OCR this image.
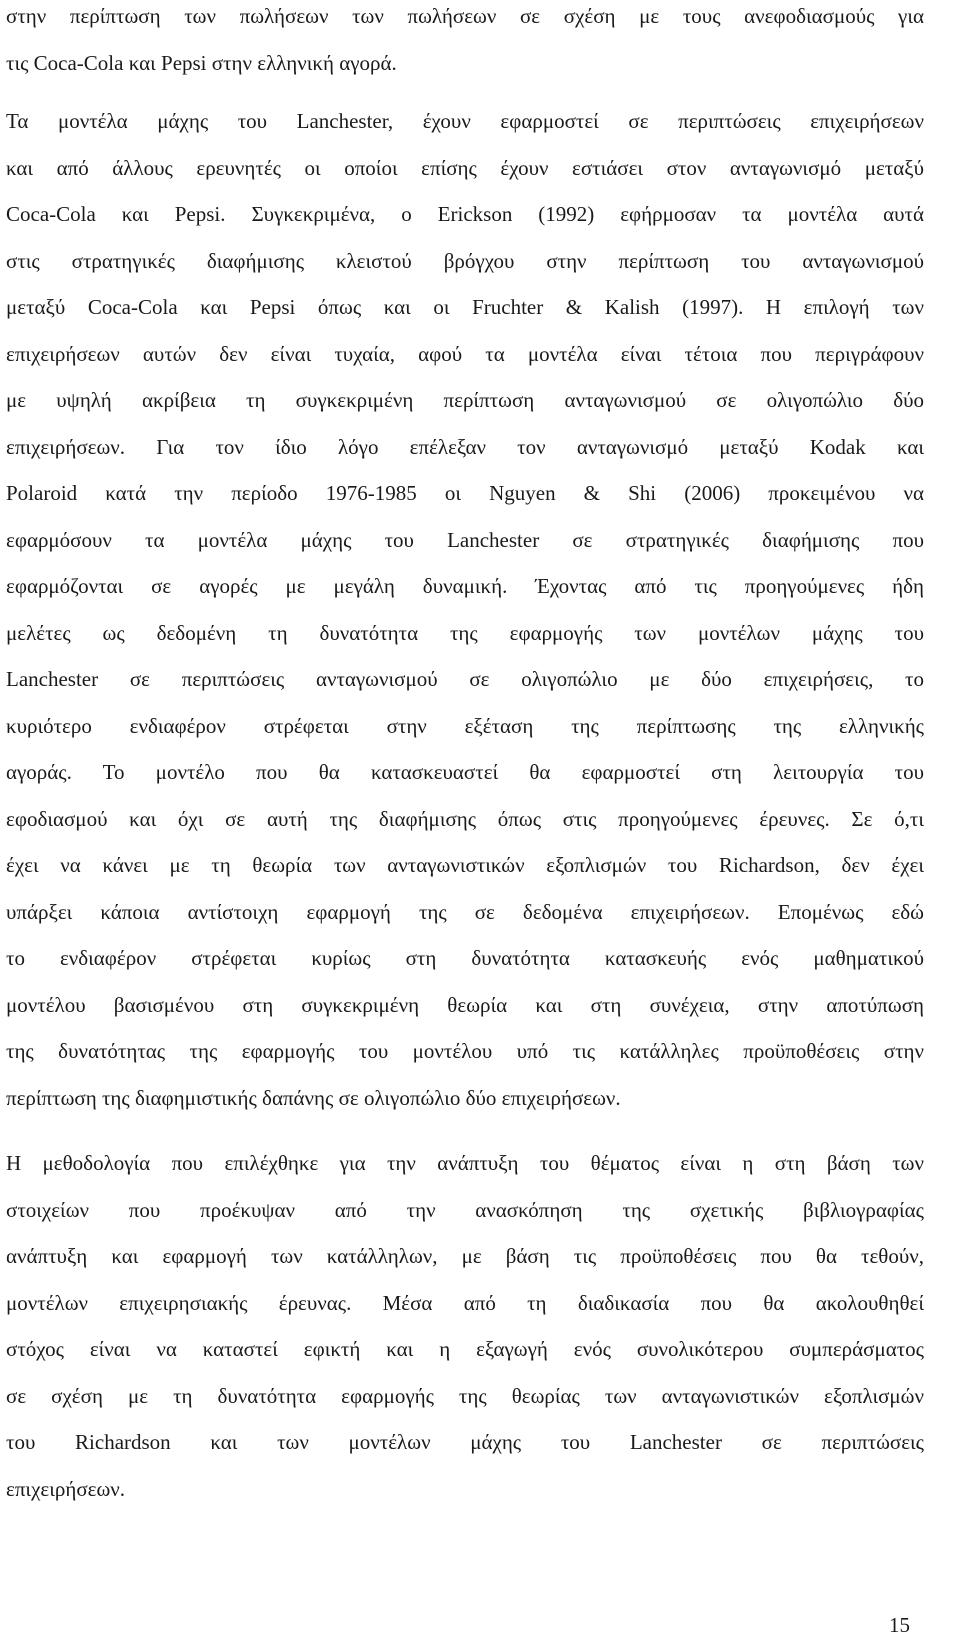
στην περίπτωση των πωλήσεων των πωλήσεων σε σχέση με τους ανεφοδιασμούς για
τις Coca-Cola και Pepsi στην ελληνική αγορά.
Τα μοντέλα μάχης του Lanchester, έχουν εφαρμοστεί σε περιπτώσεις επιχειρήσεων
και από άλλους ερευνητές οι οποίοι επίσης έχουν εστιάσει στον ανταγωνισμό μεταξύ
Coca-Cola και Pepsi. Συγκεκριμένα, ο Erickson (1992) εφήρμοσαν τα μοντέλα αυτά
στις στρατηγικές διαφήμισης κλειστού βρόγχου στην περίπτωση του ανταγωνισμού
μεταξύ Coca-Cola και Pepsi όπως και οι Fruchter & Kalish (1997). Η επιλογή των
επιχειρήσεων αυτών δεν είναι τυχαία, αφού τα μοντέλα είναι τέτοια που περιγράφουν
με υψηλή ακρίβεια τη συγκεκριμένη περίπτωση ανταγωνισμού σε ολιγοπώλιο δύο
επιχειρήσεων. Για τον ίδιο λόγο επέλεξαν τον ανταγωνισμό μεταξύ Kodak και
Polaroid κατά την περίοδο 1976-1985 οι Nguyen & Shi (2006) προκειμένου να
εφαρμόσουν τα μοντέλα μάχης του Lanchester σε στρατηγικές διαφήμισης που
εφαρμόζονται σε αγορές με μεγάλη δυναμική. Έχοντας από τις προηγούμενες ήδη
μελέτες ως δεδομένη τη δυνατότητα της εφαρμογής των μοντέλων μάχης του
Lanchester σε περιπτώσεις ανταγωνισμού σε ολιγοπώλιο με δύο επιχειρήσεις, το
κυριότερο ενδιαφέρον στρέφεται στην εξέταση της περίπτωσης της ελληνικής
αγοράς. Το μοντέλο που θα κατασκευαστεί θα εφαρμοστεί στη λειτουργία του
εφοδιασμού και όχι σε αυτή της διαφήμισης όπως στις προηγούμενες έρευνες. Σε ό,τι
έχει να κάνει με τη θεωρία των ανταγωνιστικών εξοπλισμών του Richardson, δεν έχει
υπάρξει κάποια αντίστοιχη εφαρμογή της σε δεδομένα επιχειρήσεων. Επομένως εδώ
το ενδιαφέρον στρέφεται κυρίως στη δυνατότητα κατασκευής ενός μαθηματικού
μοντέλου βασισμένου στη συγκεκριμένη θεωρία και στη συνέχεια, στην αποτύπωση
της δυνατότητας της εφαρμογής του μοντέλου υπό τις κατάλληλες προϋποθέσεις στην
περίπτωση της διαφημιστικής δαπάνης σε ολιγοπώλιο δύο επιχειρήσεων.
Η μεθοδολογία που επιλέχθηκε για την ανάπτυξη του θέματος είναι η στη βάση των
στοιχείων που προέκυψαν από την ανασκόπηση της σχετικής βιβλιογραφίας
ανάπτυξη και εφαρμογή των κατάλληλων, με βάση τις προϋποθέσεις που θα τεθούν,
μοντέλων επιχειρησιακής έρευνας. Μέσα από τη διαδικασία που θα ακολουθηθεί
στόχος είναι να καταστεί εφικτή και η εξαγωγή ενός συνολικότερου συμπεράσματος
σε σχέση με τη δυνατότητα εφαρμογής της θεωρίας των ανταγωνιστικών εξοπλισμών
του Richardson και των μοντέλων μάχης του Lanchester σε περιπτώσεις
επιχειρήσεων.
15
